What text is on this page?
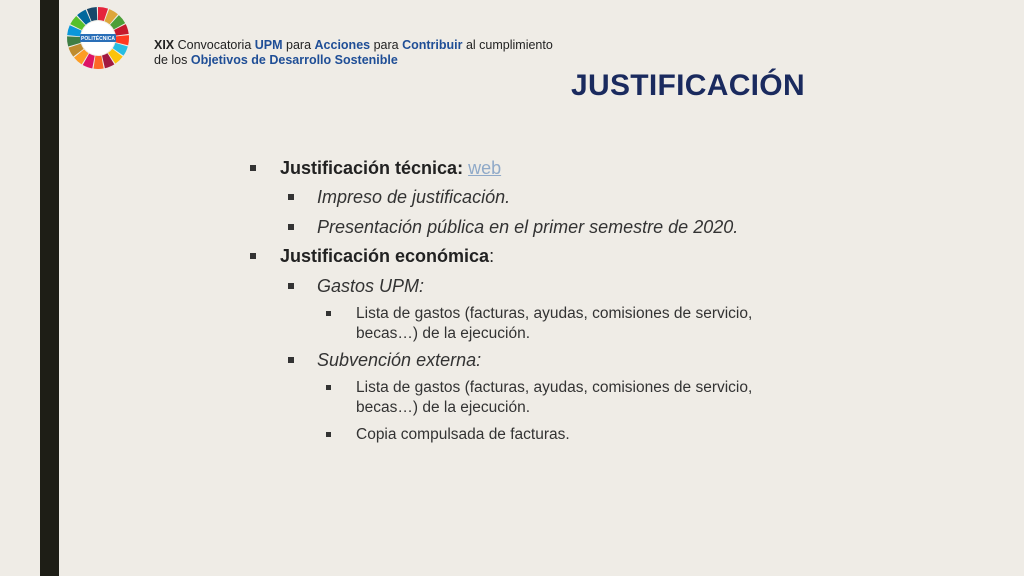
POLITÉCNICA	XIX Convocatoria UPM para Acciones para Contribuir al cumplimiento
de los Objetivos de Desarrollo Sostenible
JUSTIFICACIÓN
Justificación técnica: web
Impreso de justificación.
Presentación pública en el primer semestre de 2020.
Justificación económica:
Gastos UPM:
Lista de gastos (facturas, ayudas, comisiones de servicio,
becas…) de la ejecución.
Subvención externa:
Lista de gastos (facturas, ayudas, comisiones de servicio,
becas…) de la ejecución.
Copia compulsada de facturas.
